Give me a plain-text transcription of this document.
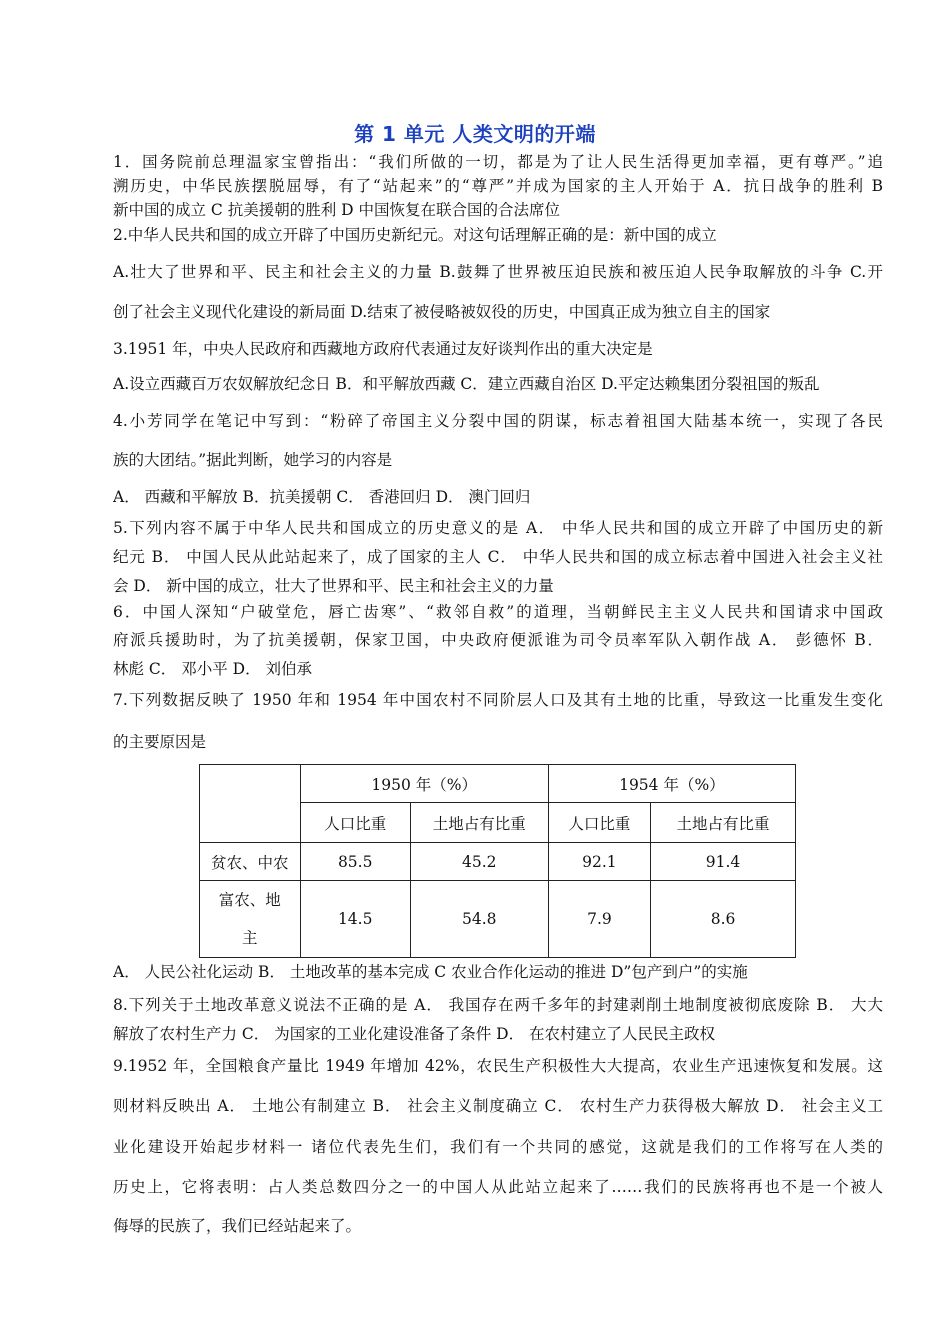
第 1 单元 人类文明的开端
1．国务院前总理温家宝曾指出：“我们所做的一切，都是为了让人民生活得更加幸福，更有尊严。”追
溯历史，中华民族摆脱屈辱，有了“站起来”的“尊严”并成为国家的主人开始于 A．抗日战争的胜利 B
新中国的成立 C 抗美援朝的胜利 D 中国恢复在联合国的合法席位
2.中华人民共和国的成立开辟了中国历史新纪元。对这句话理解正确的是：新中国的成立
A.壮大了世界和平、民主和社会主义的力量 B.鼓舞了世界被压迫民族和被压迫人民争取解放的斗争 C.开
创了社会主义现代化建设的新局面 D.结束了被侵略被奴役的历史，中国真正成为独立自主的国家
3.1951 年，中央人民政府和西藏地方政府代表通过友好谈判作出的重大决定是
A.设立西藏百万农奴解放纪念日 B．和平解放西藏 C．建立西藏自治区 D.平定达赖集团分裂祖国的叛乱
4.小芳同学在笔记中写到：“粉碎了帝国主义分裂中国的阴谋，标志着祖国大陆基本统一，实现了各民
族的大团结。”据此判断，她学习的内容是
A． 西藏和平解放 B．抗美援朝 C． 香港回归 D． 澳门回归
5.下列内容不属于中华人民共和国成立的历史意义的是 A． 中华人民共和国的成立开辟了中国历史的新
纪元 B． 中国人民从此站起来了，成了国家的主人 C． 中华人民共和国的成立标志着中国进入社会主义社
会 D． 新中国的成立，壮大了世界和平、民主和社会主义的力量
6．中国人深知“户破堂危，唇亡齿寒”、“救邻自救”的道理，当朝鲜民主主义人民共和国请求中国政
府派兵援助时，为了抗美援朝，保家卫国，中央政府便派谁为司令员率军队入朝作战 A． 彭德怀 B．
林彪 C． 邓小平 D． 刘伯承
7.下列数据反映了 1950 年和 1954 年中国农村不同阶层人口及其有土地的比重，导致这一比重发生变化
的主要原因是
	1950 年（%）		1954 年（%）	
	人口比重	土地占有比重	人口比重	土地占有比重
贫农、中农	85.5	45.2	92.1	91.4
富农、地主	14.5	54.8	7.9	8.6
A． 人民公社化运动 B． 土地改革的基本完成 C 农业合作化运动的推进 D”包产到户”的实施
8.下列关于土地改革意义说法不正确的是 A． 我国存在两千多年的封建剥削土地制度被彻底废除 B． 大大
解放了农村生产力 C． 为国家的工业化建设准备了条件 D． 在农村建立了人民民主政权
9.1952 年，全国粮食产量比 1949 年增加 42%，农民生产积极性大大提高，农业生产迅速恢复和发展。这
则材料反映出 A． 土地公有制建立 B． 社会主义制度确立 C． 农村生产力获得极大解放 D． 社会主义工
业化建设开始起步材料一 诸位代表先生们，我们有一个共同的感觉，这就是我们的工作将写在人类的
历史上，它将表明：占人类总数四分之一的中国人从此站立起来了……我们的民族将再也不是一个被人
侮辱的民族了，我们已经站起来了。
